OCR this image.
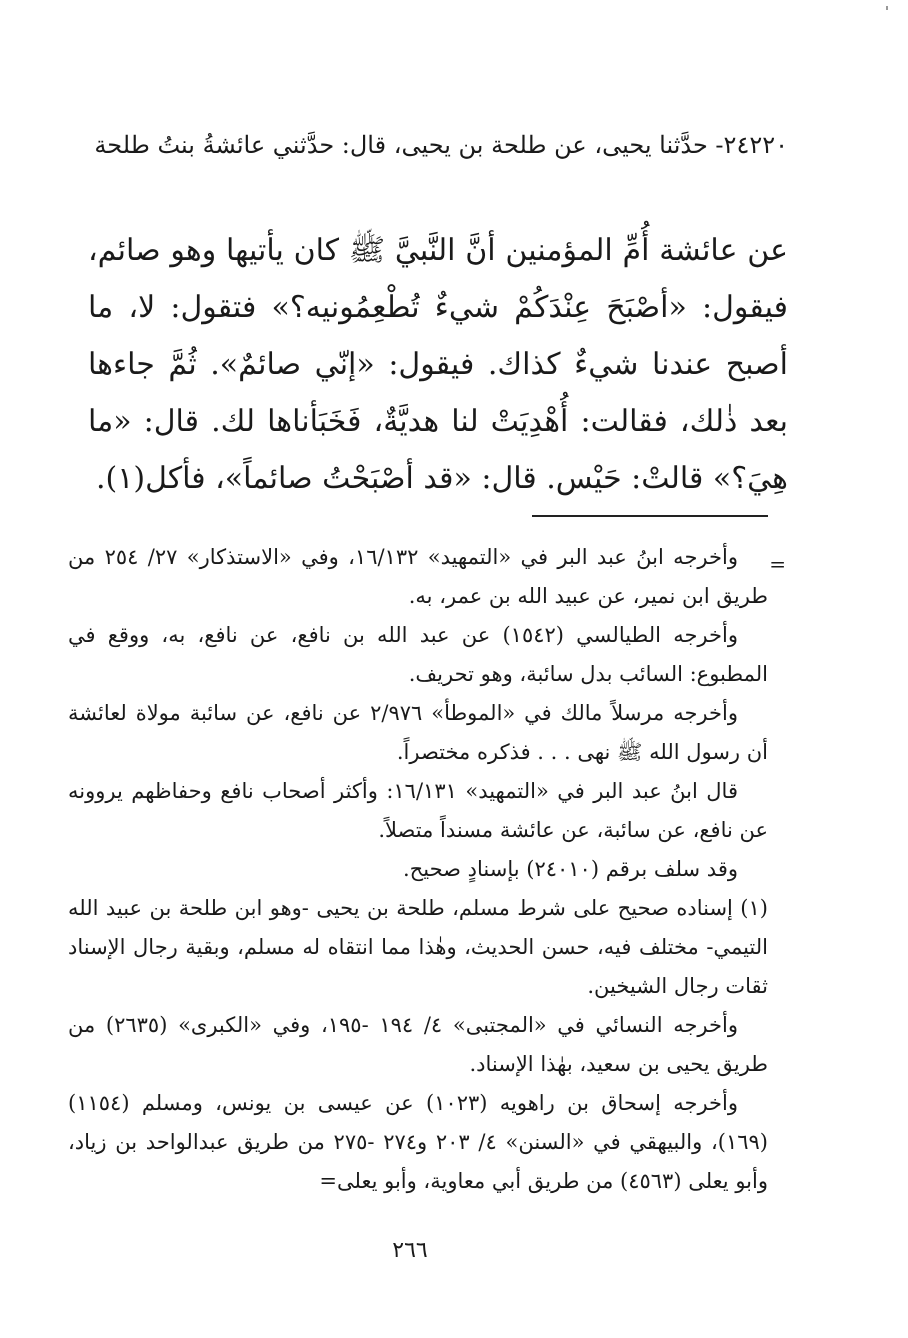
٢٤٢٢٠- حدَّثنا يحيى، عن طلحة بن يحيى، قال: حدَّثني عائشةُ بنتُ طلحة
عن عائشة أُمِّ المؤمنين أنَّ النَّبيَّ ﷺ كان يأتيها وهو صائم، فيقول: «أصْبَحَ عِنْدَكُمْ شيءٌ تُطْعِمُونيه؟» فتقول: لا، ما أصبح عندنا شيءٌ كذاك. فيقول: «إنّي صائمٌ». ثُمَّ جاءها بعد ذٰلك، فقالت: أُهْدِيَتْ لنا هديَّةٌ، فَخَبَأناها لك. قال: «ما هِيَ؟» قالتْ: حَيْس. قال: «قد أصْبَحْتُ صائماً»، فأكل(١).
=

وأخرجه ابنُ عبد البر في «التمهيد» ١٦/١٣٢، وفي «الاستذكار» ٢٧/ ٢٥٤ من طريق ابن نمير، عن عبيد الله بن عمر، به.

وأخرجه الطيالسي (١٥٤٢) عن عبد الله بن نافع، عن نافع، به، ووقع في المطبوع: السائب بدل سائبة، وهو تحريف.

وأخرجه مرسلاً مالك في «الموطأ» ٢/٩٧٦ عن نافع، عن سائبة مولاة لعائشة أن رسول الله ﷺ نهى . . . فذكره مختصراً.

قال ابنُ عبد البر في «التمهيد» ١٦/١٣١: وأكثر أصحاب نافع وحفاظهم يروونه عن نافع، عن سائبة، عن عائشة مسنداً متصلاً.

وقد سلف برقم (٢٤٠١٠) بإسنادٍ صحيح.

(١) إسناده صحيح على شرط مسلم، طلحة بن يحيى -وهو ابن طلحة بن عبيد الله التيمي- مختلف فيه، حسن الحديث، وهٰذا مما انتقاه له مسلم، وبقية رجال الإسناد ثقات رجال الشيخين.

وأخرجه النسائي في «المجتبى» ٤/ ١٩٤ -١٩٥، وفي «الكبرى» (٢٦٣٥) من طريق يحيى بن سعيد، بهٰذا الإسناد.

وأخرجه إسحاق بن راهويه (١٠٢٣) عن عيسى بن يونس، ومسلم (١١٥٤) (١٦٩)، والبيهقي في «السنن» ٤/ ٢٠٣ و٢٧٤ -٢٧٥ من طريق عبدالواحد بن زياد، وأبو يعلى (٤٥٦٣) من طريق أبي معاوية، وأبو يعلى=

٢٦٦
